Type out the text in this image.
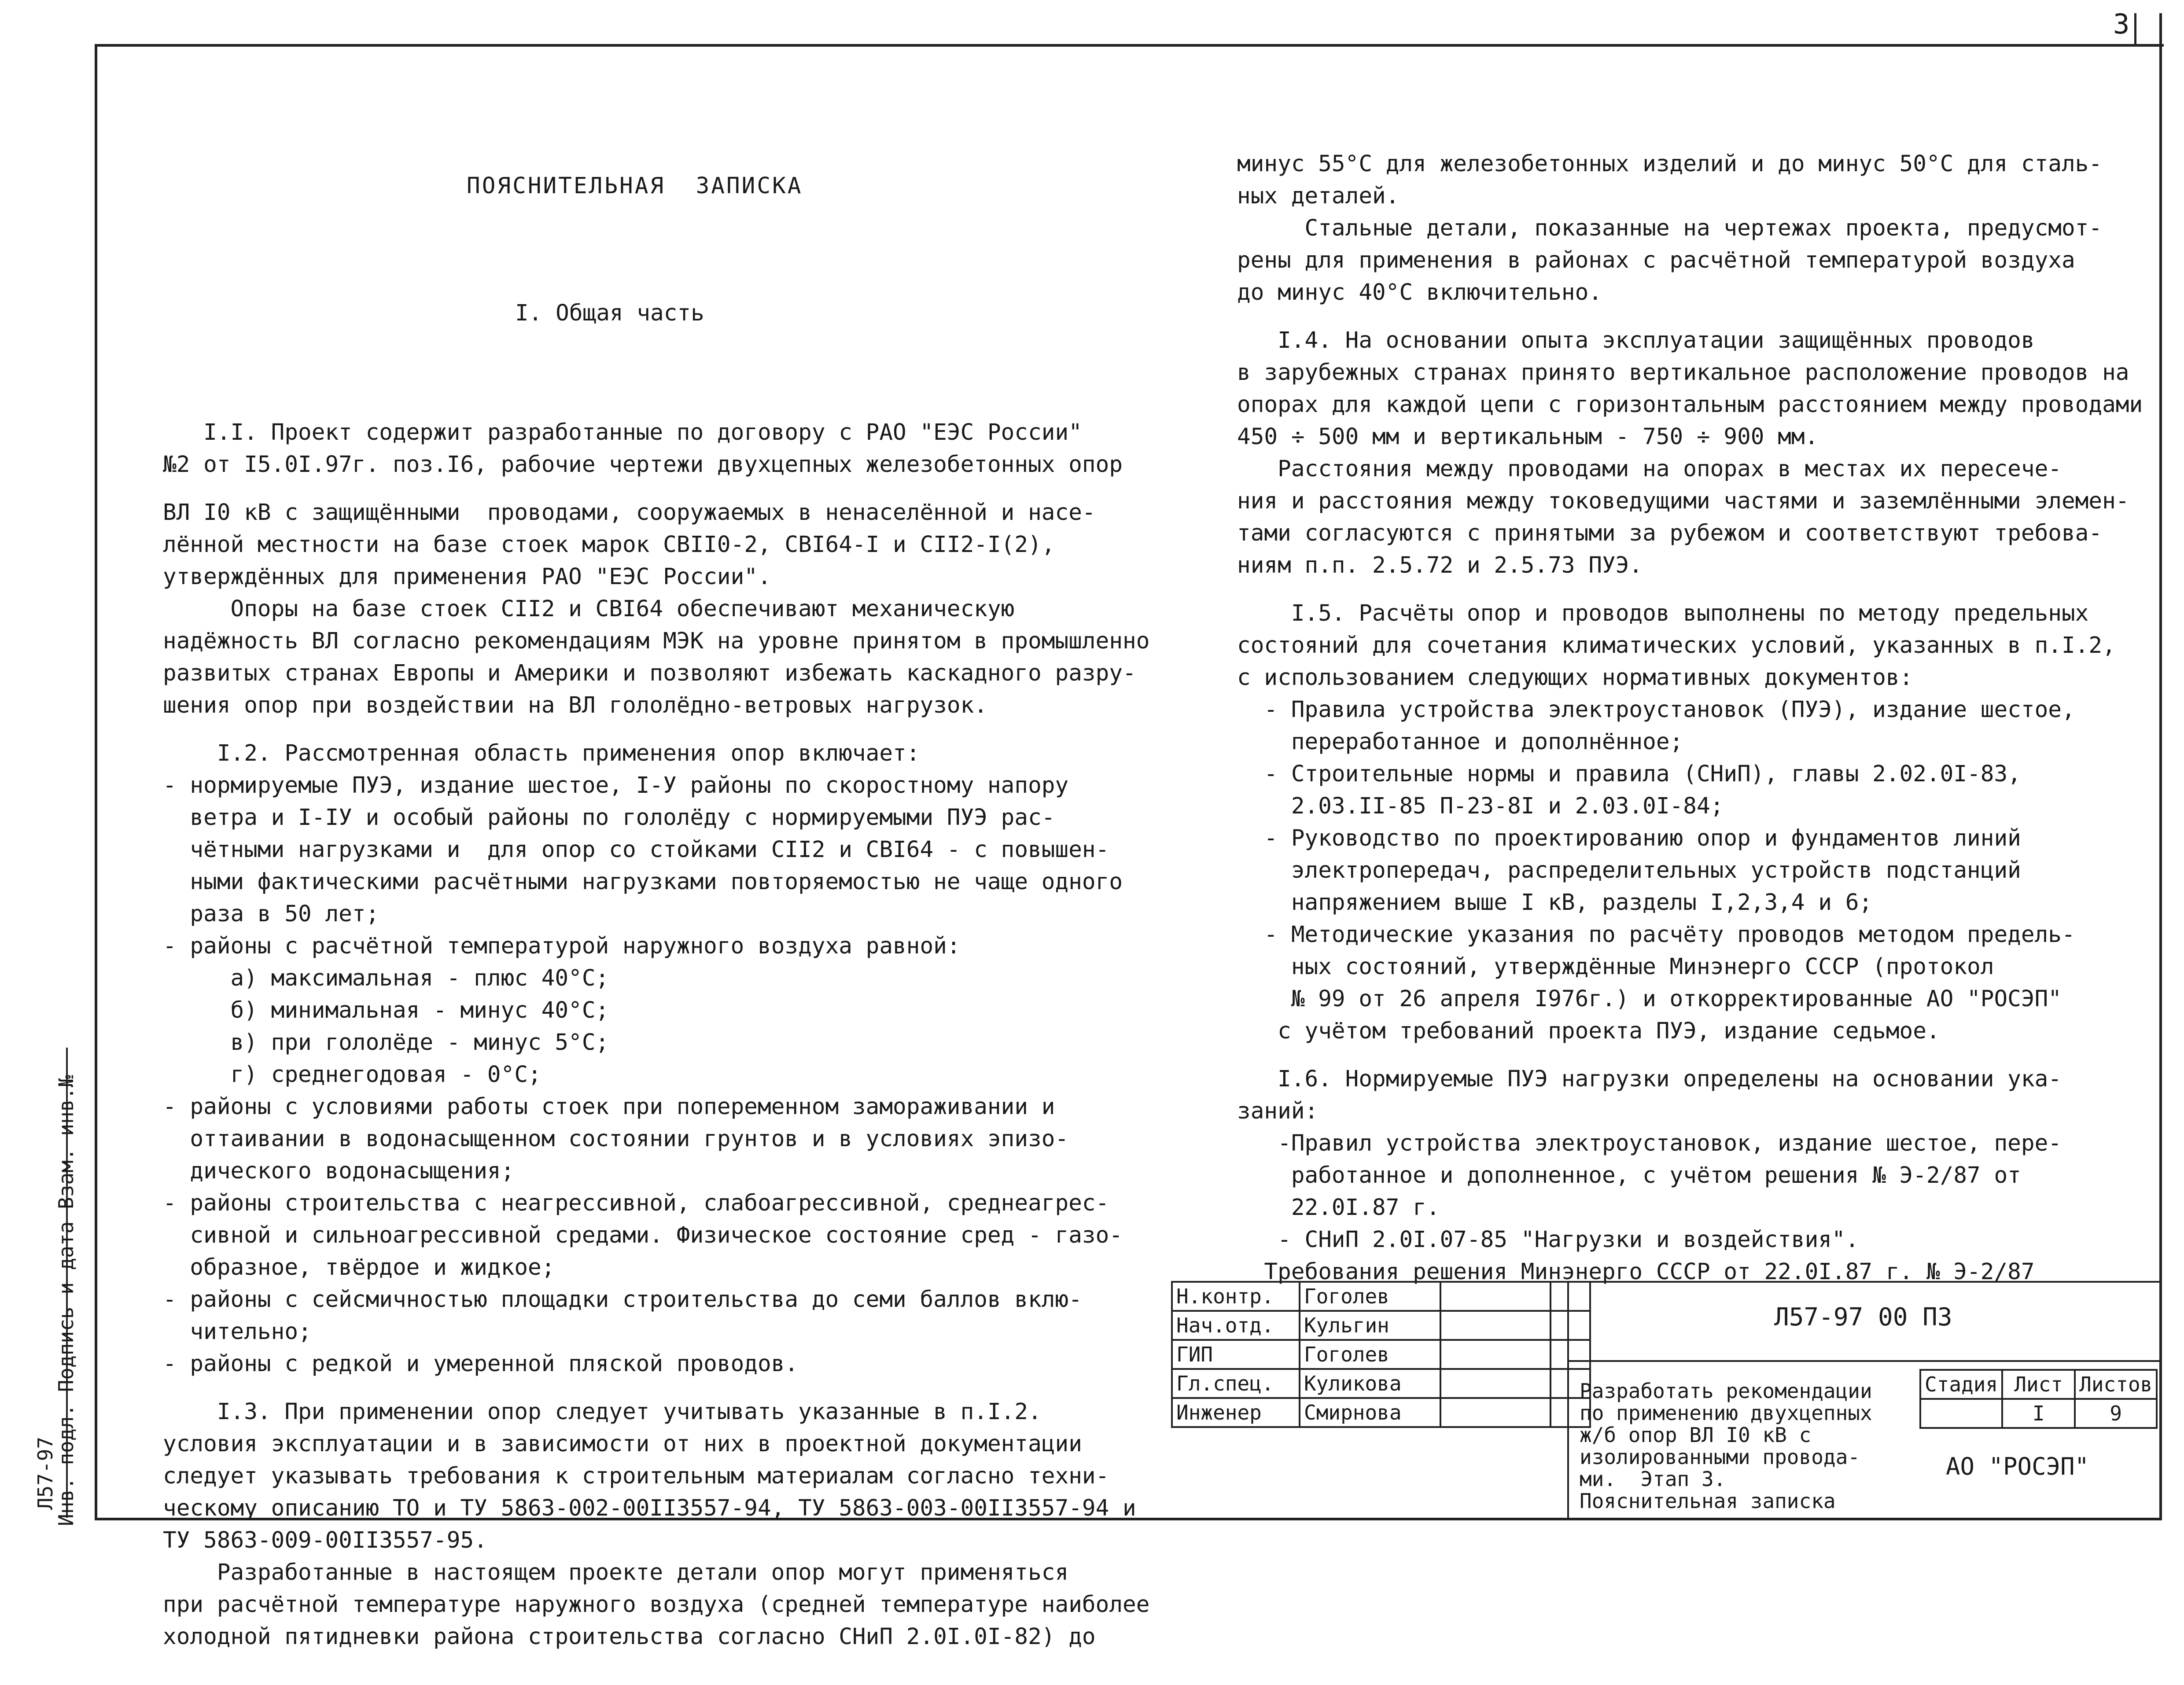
3

ПОЯСНИТЕЛЬНАЯ  ЗАПИСКА

I. Общая часть

I.I. Проект содержит разработанные по договору с РАО "ЕЭС России"

№2 от I5.0I.97г. поз.I6, рабочие чертежи двухцепных железобетонных опор

ВЛ I0 кВ с защищёнными  проводами, сооружаемых в ненаселённой и насе-

лённой местности на базе стоек марок СВII0-2, СВI64-I и СII2-I(2),

утверждённых для применения РАО "ЕЭС России".

Опоры на базе стоек СII2 и СВI64 обеспечивают механическую

надёжность ВЛ согласно рекомендациям МЭК на уровне принятом в промышленно

развитых странах Европы и Америки и позволяют избежать каскадного разру-

шения опор при воздействии на ВЛ гололёдно-ветровых нагрузок.

I.2. Рассмотренная область применения опор включает:

- нормируемые ПУЭ, издание шестое, I-У районы по скоростному напору

ветра и I-IУ и особый районы по гололёду с нормируемыми ПУЭ рас-

чётными нагрузками и  для опор со стойками СII2 и СВI64 - с повышен-

ными фактическими расчётными нагрузками повторяемостью не чаще одного

раза в 50 лет;

- районы с расчётной температурой наружного воздуха равной:

а) максимальная - плюс 40°С;

б) минимальная - минус 40°С;

в) при гололёде - минус 5°С;

г) среднегодовая - 0°С;

- районы с условиями работы стоек при попеременном замораживании и

оттаивании в водонасыщенном состоянии грунтов и в условиях эпизо-

дического водонасыщения;

- районы строительства с неагрессивной, слабоагрессивной, среднеагрес-

сивной и сильноагрессивной средами. Физическое состояние сред - газо-

образное, твёрдое и жидкое;

- районы с сейсмичностью площадки строительства до семи баллов вклю-

чительно;

- районы с редкой и умеренной пляской проводов.

I.3. При применении опор следует учитывать указанные в п.I.2.

условия эксплуатации и в зависимости от них в проектной документации

следует указывать требования к строительным материалам согласно техни-

ческому описанию ТО и ТУ 5863-002-00II3557-94, ТУ 5863-003-00II3557-94 и

ТУ 5863-009-00II3557-95.

Разработанные в настоящем проекте детали опор могут применяться

при расчётной температуре наружного воздуха (средней температуре наиболее

холодной пятидневки района строительства согласно СНиП 2.0I.0I-82) до

минус 55°С для железобетонных изделий и до минус 50°С для сталь-

ных деталей.

Стальные детали, показанные на чертежах проекта, предусмот-

рены для применения в районах с расчётной температурой воздуха

до минус 40°С включительно.

I.4. На основании опыта эксплуатации защищённых проводов

в зарубежных странах принято вертикальное расположение проводов на

опорах для каждой цепи с горизонтальным расстоянием между проводами

450 ÷ 500 мм и вертикальным - 750 ÷ 900 мм.

Расстояния между проводами на опорах в местах их пересече-

ния и расстояния между токоведущими частями и заземлёнными элемен-

тами согласуются с принятыми за рубежом и соответствуют требова-

ниям п.п. 2.5.72 и 2.5.73 ПУЭ.

I.5. Расчёты опор и проводов выполнены по методу предельных

состояний для сочетания климатических условий, указанных в п.I.2,

с использованием следующих нормативных документов:

- Правила устройства электроустановок (ПУЭ), издание шестое,

переработанное и дополнённое;

- Строительные нормы и правила (СНиП), главы 2.02.0I-83,

2.03.II-85 П-23-8I и 2.03.0I-84;

- Руководство по проектированию опор и фундаментов линий

электропередач, распределительных устройств подстанций

напряжением выше I кВ, разделы I,2,3,4 и 6;

- Методические указания по расчёту проводов методом предель-

ных состояний, утверждённые Минэнерго СССР (протокол

№ 99 от 26 апреля I976г.) и откорректированные АО "РОСЭП"

с учётом требований проекта ПУЭ, издание седьмое.

I.6. Нормируемые ПУЭ нагрузки определены на основании ука-

заний:

-Правил устройства электроустановок, издание шестое, пере-

работанное и дополненное, с учётом решения № Э-2/87 от

22.0I.87 г.

- СНиП 2.0I.07-85 "Нагрузки и воздействия".

Требования решения Минэнерго СССР от 22.0I.87 г. № Э-2/87

Н.контр.	Гоголев		
Нач.отд.	Кульгин		
ГИП	Гоголев		
Гл.спец.	Куликова		
Инженер	Смирнова		
Л57-97 00 ПЗ
Разработать рекомендации
по применению двухцепных
ж/б опор ВЛ I0 кВ с
изолированными провода-
ми.  Этап 3.
Пояснительная записка
Стадия	Лист	Листов
	I	9
АО "РОСЭП"
Инв. подл. Подпись и дата Взам. инв.№
Л57-97
